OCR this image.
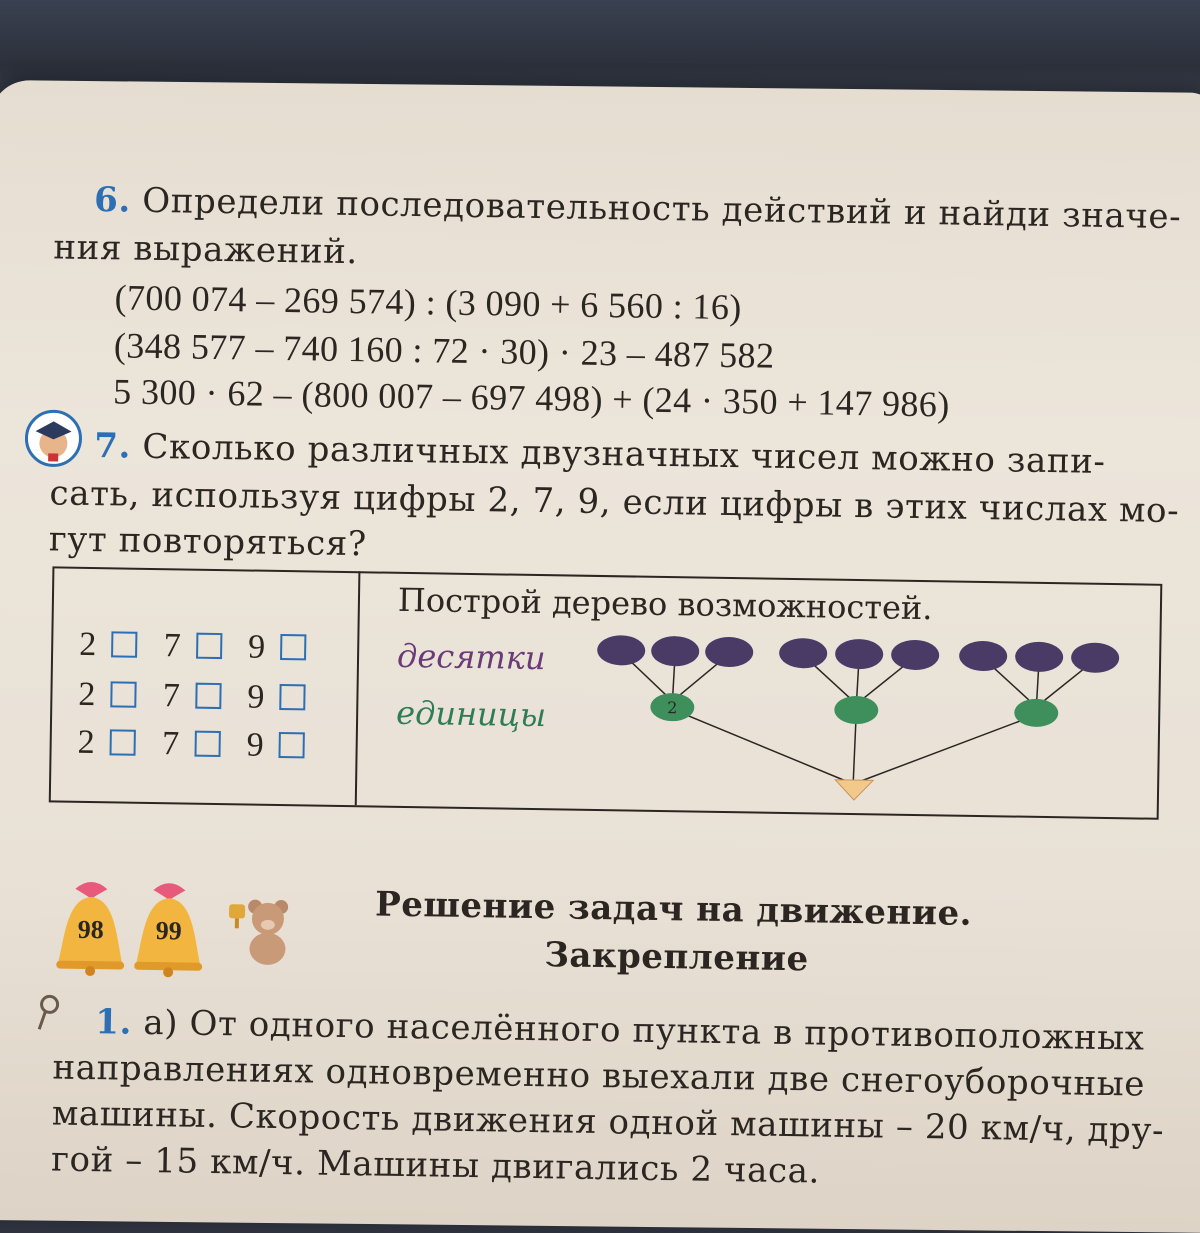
6. Определи последовательность действий и найди значе-
ния выражений.
(700 074 – 269 574) : (3 090 + 6 560 : 16)
(348 577 – 740 160 : 72 · 30) · 23 – 487 582
5 300 · 62 – (800 007 – 697 498) + (24 · 350 + 147 986)
7. Сколько различных двузначных чисел можно запи-
сать, используя цифры 2, 7, 9, если цифры в этих числах мо-
гут повторяться?
2 7 9
2 7 9
2 7 9
Построй дерево возможностей.
десятки
единицы	2
98	99	Решение задач на движение.
Закрепление
1. а) От одного населённого пункта в противоположных
направлениях одновременно выехали две снегоуборочные
машины. Скорость движения одной машины – 20 км/ч, дру-
гой – 15 км/ч. Машины двигались 2 часа.
